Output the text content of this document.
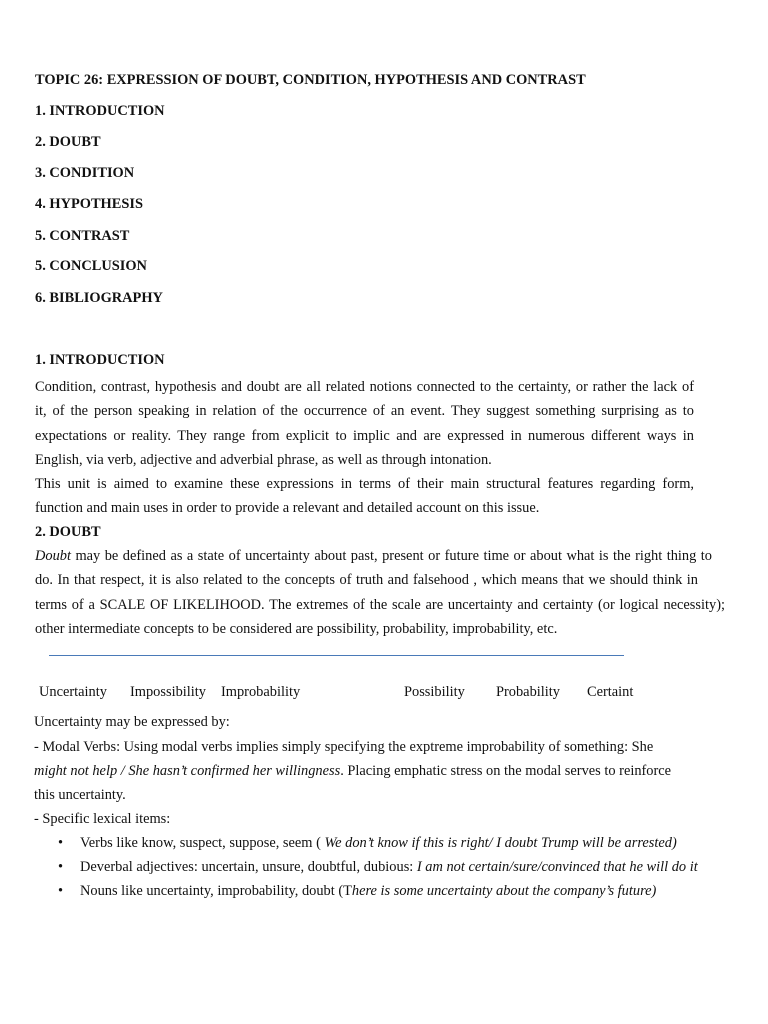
TOPIC 26: EXPRESSION OF DOUBT, CONDITION, HYPOTHESIS AND CONTRAST
1. INTRODUCTION
2. DOUBT
3. CONDITION
4. HYPOTHESIS
5. CONTRAST
5. CONCLUSION
6. BIBLIOGRAPHY
1. INTRODUCTION
Condition, contrast, hypothesis and doubt are all related notions connected to the certainty, or rather the lack of
it, of the person speaking in relation of the occurrence of an event. They suggest something surprising as to
expectations or reality. They range from explicit to implic and are expressed in numerous different ways in
English, via verb, adjective and adverbial phrase, as well as through intonation.
This unit is aimed to examine these expressions in terms of their main structural features regarding form,
function and main uses in order to provide a relevant and detailed account on this issue.
2. DOUBT
Doubt may be defined as a state of uncertainty about past, present or future time or about what is the right thing to
do. In that respect, it is also related to the concepts of truth and falsehood , which means that we should think in
terms of a SCALE OF LIKELIHOOD. The extremes of the scale are uncertainty and certainty (or logical necessity);
other intermediate concepts to be considered are possibility, probability, improbability, etc.
Uncertainty Impossibility Improbability	Possibility Probability Certaint
Uncertainty may be expressed by:
- Modal Verbs: Using modal verbs implies simply specifying the exptreme improbability of something: She
might not help / She hasn’t confirmed her willingness. Placing emphatic stress on the modal serves to reinforce
this uncertainty.
- Specific lexical items:
• Verbs like know, suspect, suppose, seem ( We don’t know if this is right/ I doubt Trump will be arrested)
• Deverbal adjectives: uncertain, unsure, doubtful, dubious: I am not certain/sure/convinced that he will do it
• Nouns like uncertainty, improbability, doubt (There is some uncertainty about the company’s future)
